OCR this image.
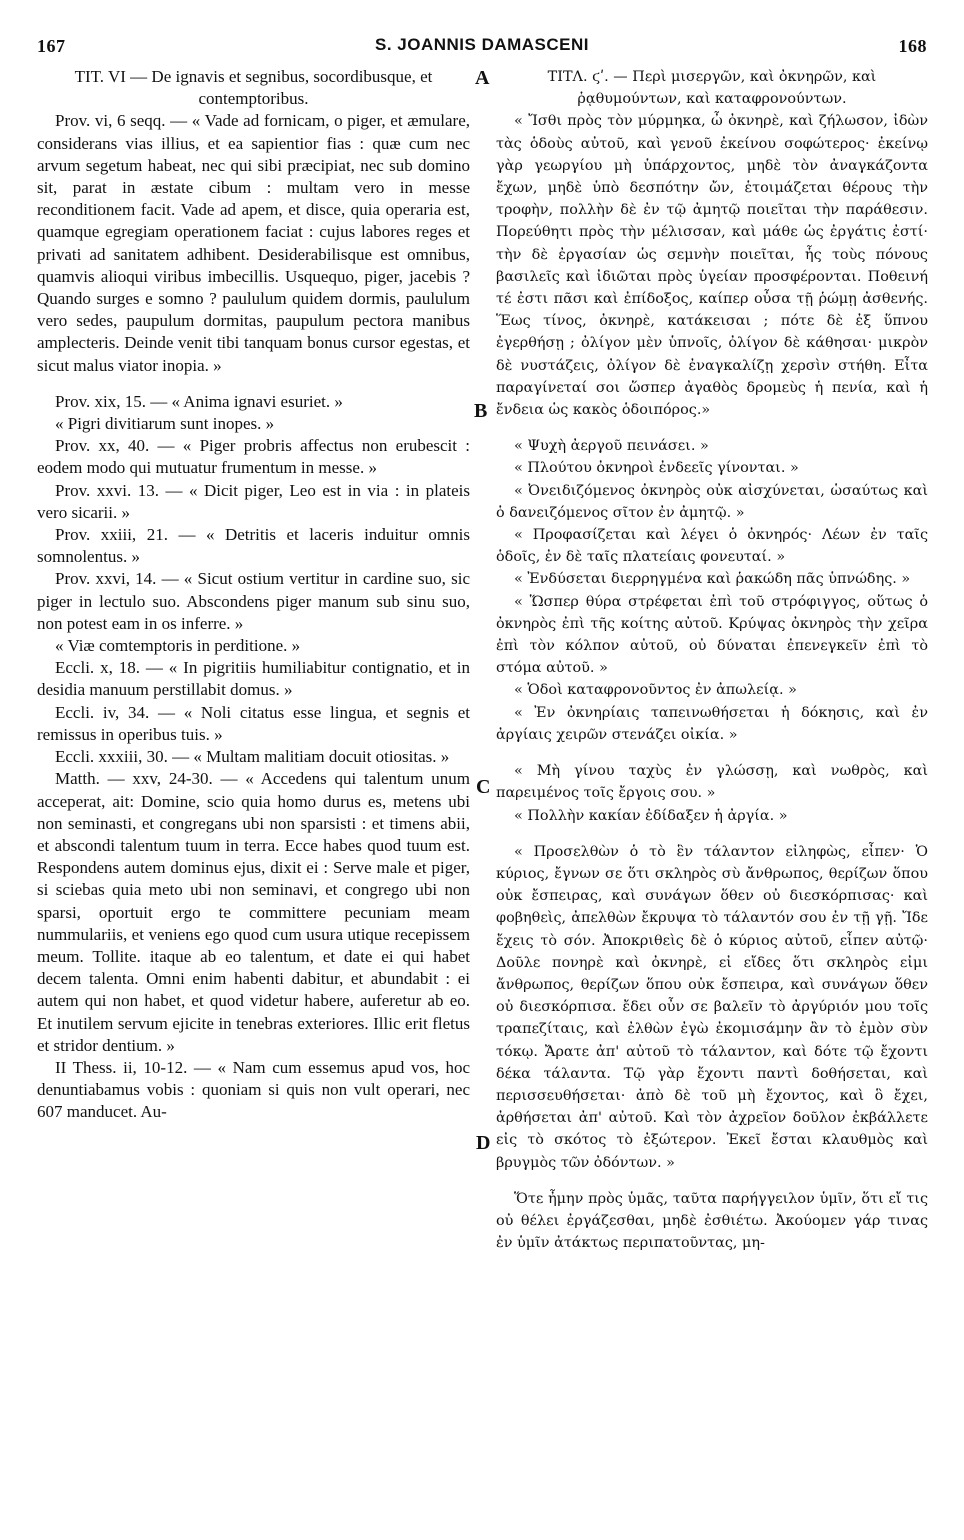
167	S. JOANNIS DAMASCENI	168
A
B
C
D

TIT. VI — De ignavis et segnibus, socordibusque, et

contemptoribus.

Prov. vi, 6 seqq. — « Vade ad fornicam, o piger, et æmulare, considerans vias illius, et ea sapientior fias : quæ cum nec arvum segetum habeat, nec qui sibi præcipiat, nec sub domino sit, parat in æstate cibum : multam vero in messe reconditionem facit. Vade ad apem, et disce, quia operaria est, quamque egregiam operationem faciat : cujus labores reges et privati ad sanitatem adhibent. Desiderabilisque est omnibus, quamvis alioqui viribus imbecillis. Usquequo, piger, jacebis ? Quando surges e somno ? paululum quidem dormis, paululum vero sedes, paupulum dormitas, paupulum pectora manibus amplecteris. Deinde venit tibi tanquam bonus cursor egestas, et sicut malus viator inopia. »

Prov. xix, 15. — « Anima ignavi esuriet. »

« Pigri divitiarum sunt inopes. »

Prov. xx, 40. — « Piger probris affectus non erubescit : eodem modo qui mutuatur frumentum in messe. »

Prov. xxvi. 13. — « Dicit piger, Leo est in via : in plateis vero sicarii. »

Prov. xxiii, 21. — « Detritis et laceris induitur omnis somnolentus. »

Prov. xxvi, 14. — « Sicut ostium vertitur in cardine suo, sic piger in lectulo suo. Abscondens piger manum sub sinu suo, non potest eam in os inferre. »

« Viæ comtemptoris in perditione. »

Eccli. x, 18. — « In pigritiis humiliabitur contignatio, et in desidia manuum perstillabit domus. »

Eccli. iv, 34. — « Noli citatus esse lingua, et segnis et remissus in operibus tuis. »

Eccli. xxxiii, 30. — « Multam malitiam docuit otiositas. »

Matth. — xxv, 24-30. — « Accedens qui talentum unum acceperat, ait: Domine, scio quia homo durus es, metens ubi non seminasti, et congregans ubi non sparsisti : et timens abii, et abscondi talentum tuum in terra. Ecce habes quod tuum est. Respondens autem dominus ejus, dixit ei : Serve male et piger, si sciebas quia meto ubi non seminavi, et congrego ubi non sparsi, oportuit ergo te committere pecuniam meam nummulariis, et veniens ego quod cum usura utique recepissem meum. Tollite. itaque ab eo talentum, et date ei qui habet decem talenta. Omni enim habenti dabitur, et abundabit : ei autem qui non habet, et quod videtur habere, auferetur ab eo. Et inutilem servum ejicite in tenebras exteriores. Illic erit fletus et stridor dentium. »

II Thess. ii, 10-12. — « Nam cum essemus apud vos, hoc denuntiabamus vobis : quoniam si quis non vult operari, nec 607 manducet. Au-

ΤΙΤΛ. ϛʹ. — Περὶ μισεργῶν, καὶ ὀκνηρῶν, καὶ

ῥᾳθυμούντων, καὶ καταφρονούντων.

« Ἴσθι πρὸς τὸν μύρμηκα, ὦ ὀκνηρὲ, καὶ ζήλωσον, ἰδὼν τὰς ὁδοὺς αὐτοῦ, καὶ γενοῦ ἐκείνου σοφώτερος· ἐκείνῳ γὰρ γεωργίου μὴ ὑπάρχοντος, μηδὲ τὸν ἀναγκάζοντα ἔχων, μηδὲ ὑπὸ δεσπότην ὤν, ἑτοιμάζεται θέρους τὴν τροφὴν, πολλὴν δὲ ἐν τῷ ἀμητῷ ποιεῖται τὴν παράθεσιν. Πορεύθητι πρὸς τὴν μέλισσαν, καὶ μάθε ὡς ἐργάτις ἐστί· τὴν δὲ ἐργασίαν ὡς σεμνὴν ποιεῖται, ἧς τοὺς πόνους βασιλεῖς καὶ ἰδιῶται πρὸς ὑγείαν προσφέρονται. Ποθεινή τέ ἐστι πᾶσι καὶ ἐπίδοξος, καίπερ οὖσα τῇ ῥώμῃ ἀσθενής. Ἕως τίνος, ὀκνηρὲ, κατάκεισαι ; πότε δὲ ἐξ ὕπνου ἐγερθήσῃ ; ὀλίγον μὲν ὑπνοῖς, ὀλίγον δὲ κάθησαι· μικρὸν δὲ νυστάζεις, ὀλίγον δὲ ἐναγκαλίζῃ χερσὶν στήθη. Εἶτα παραγίνεταί σοι ὥσπερ ἀγαθὸς δρομεὺς ἡ πενία, καὶ ἡ ἔνδεια ὡς κακὸς ὁδοιπόρος.»

« Ψυχὴ ἀεργοῦ πεινάσει. »

« Πλούτου ὀκνηροὶ ἐνδεεῖς γίνονται. »

« Ὀνειδιζόμενος ὀκνηρὸς οὐκ αἰσχύνεται, ὡσαύτως καὶ ὁ δανειζόμενος σῖτον ἐν ἀμητῷ. »

« Προφασίζεται καὶ λέγει ὁ ὀκνηρός· Λέων ἐν ταῖς ὁδοῖς, ἐν δὲ ταῖς πλατείαις φονευταί. »

« Ἐνδύσεται διερρηγμένα καὶ ῥακώδη πᾶς ὑπνώδης. »

« Ὥσπερ θύρα στρέφεται ἐπὶ τοῦ στρόφιγγος, οὕτως ὁ ὀκνηρὸς ἐπὶ τῆς κοίτης αὐτοῦ. Κρύψας ὀκνηρὸς τὴν χεῖρα ἐπὶ τὸν κόλπον αὐτοῦ, οὐ δύναται ἐπενεγκεῖν ἐπὶ τὸ στόμα αὐτοῦ. »

« Ὁδοὶ καταφρονοῦντος ἐν ἀπωλείᾳ. »

« Ἐν ὀκνηρίαις ταπεινωθήσεται ἡ δόκησις, καὶ ἐν ἀργίαις χειρῶν στενάζει οἰκία. »

« Μὴ γίνου ταχὺς ἐν γλώσσῃ, καὶ νωθρὸς, καὶ παρειμένος τοῖς ἔργοις σου. »

« Πολλὴν κακίαν ἐδίδαξεν ἡ ἀργία. »

« Προσελθὼν ὁ τὸ ἓν τάλαντον εἰληφὼς, εἶπεν· Ὁ κύριος, ἔγνων σε ὅτι σκληρὸς σὺ ἄνθρωπος, θερίζων ὅπου οὐκ ἔσπειρας, καὶ συνάγων ὅθεν οὐ διεσκόρπισας· καὶ φοβηθεὶς, ἀπελθὼν ἔκρυψα τὸ τάλαντόν σου ἐν τῇ γῇ. Ἴδε ἔχεις τὸ σόν. Ἀποκριθεὶς δὲ ὁ κύριος αὐτοῦ, εἶπεν αὐτῷ· Δοῦλε πονηρὲ καὶ ὀκνηρὲ, εἰ εἴδες ὅτι σκληρὸς εἰμι ἄνθρωπος, θερίζων ὅπου οὐκ ἔσπειρα, καὶ συνάγων ὅθεν οὐ διεσκόρπισα. ἔδει οὖν σε βαλεῖν τὸ ἀργύριόν μου τοῖς τραπεζίταις, καὶ ἐλθὼν ἐγὼ ἐκομισάμην ἂν τὸ ἐμὸν σὺν τόκῳ. Ἄρατε ἀπ' αὐτοῦ τὸ τάλαντον, καὶ δότε τῷ ἔχοντι δέκα τάλαντα. Τῷ γὰρ ἔχοντι παντὶ δοθήσεται, καὶ περισσευθήσεται· ἀπὸ δὲ τοῦ μὴ ἔχοντος, καὶ ὃ ἔχει, ἀρθήσεται ἀπ' αὐτοῦ. Καὶ τὸν ἀχρεῖον δοῦλον ἐκβάλλετε εἰς τὸ σκότος τὸ ἐξώτερον. Ἐκεῖ ἔσται κλαυθμὸς καὶ βρυγμὸς τῶν ὀδόντων. »

Ὅτε ἦμην πρὸς ὑμᾶς, ταῦτα παρήγγειλον ὑμῖν, ὅτι εἴ τις οὐ θέλει ἐργάζεσθαι, μηδὲ ἐσθιέτω. Ἀκούομεν γάρ τινας ἐν ὑμῖν ἀτάκτως περιπατοῦντας, μη-
